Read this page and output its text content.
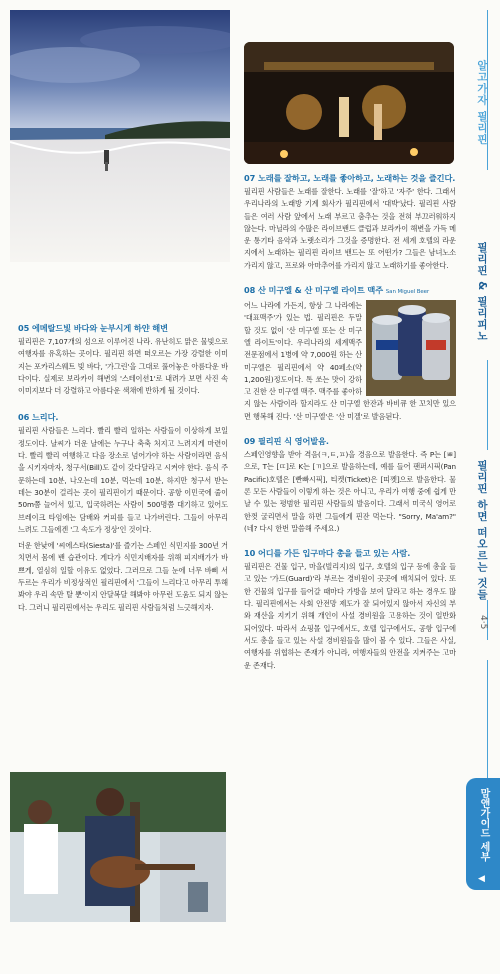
05 에메랄드빛 바다와 눈부시게 하얀 해변

필리핀은 7,107개의 섬으로 이루어진 나라. 유난히도 맑은 물빛으로 여행자를 유혹하는 곳이다. 필리핀 하면 떠오르는 가장 강렬한 이미지는 포카리스웨트 빛 바다, '가그린'을 그대로 풀어놓은 아름다운 바다이다. 실제로 보라카이 해변의 '스테이션1'로 내려가 보면 사진 속 이미지보다 더 강렬하고 아름다운 색채에 반하게 될 것이다.

06 느리다.

필리핀 사람들은 느리다. 빨리 빨리 일하는 사람들이 이상하게 보일 정도이다. 날씨가 더운 날에는 누구나 축축 처지고 느려지게 마련이다. 빨리 빨리 여행하고 다음 장소로 넘어가야 하는 사람이라면 음식을 시키자마자, 청구서(Bill)도 같이 갖다달라고 시켜야 한다. 음식 주문하는데 10분, 나오는데 10분, 먹는데 10분, 하지만 청구서 받는 데는 30분이 걸리는 곳이 필리핀이기 때문이다. 공항 이민국에 줄이 50m쯤 늘어서 있고, 입국하려는 사람이 500명쯤 대기하고 있어도 브레이크 타임에는 담배와 커피를 들고 나가버린다. 그들이 아무리 느려도 그들에겐 '그 속도가 정상'인 것이다.

더운 한낮에 '씨에스타(Siesta)'를 즐기는 스페인 식민지를 300년 거치면서 몸에 밴 습관이다. 게다가 식민지배자를 위해 피지배가가 바쁘게, 열심히 일할 이유도 없었다. 그러므로 그들 눈에 너무 바삐 서두르는 우리가 비정상적인 필리핀에서 '그들이 느리다고 아무리 투해봐야 우리 속만 탈 뿐'이지 안달복달 해봐야 아무런 도움도 되지 않는다. 그러니 필리핀에서는 우리도 필리핀 사람들처럼 느긋해지자.

07 노래를 잘하고, 노래를 좋아하고, 노래하는 것을 즐긴다.

필리핀 사람들은 노래를 잘한다. 노래를 '잘'하고 '자주' 한다. 그래서 우리나라의 노래방 기계 회사가 필리핀에서 '대박'났다. 필리핀 사람들은 여러 사람 앞에서 노래 부르고 춤추는 것을 전혀 부끄러워하지 않는다. 마닐라의 수많은 라이브밴드 클럽과 보라카이 해변을 가득 메운 통기타 음악과 노랫소리가 그것을 증명한다. 전 세계 호텔의 라운지에서 노래하는 필리핀 라이브 밴드는 또 어떤가? 그들은 남녀노소 가리지 않고, 프로와 아마추어를 가리지 않고 노래하기를 좋아한다.

08 산 미구엘 & 산 미구엘 라이트 맥주 San Miguel Beer

어느 나라에 가든지, 항상 그 나라에는 '대표맥주'가 있는 법. 필리핀은 두말 할 것도 없이 '산 미구엘 또는 산 미구엘 라이트'이다. 우리나라의 세계맥주 전문점에서 1병에 약 7,000원 하는 산 미구엘은 필리핀에서 약 40페소(약 1,200원)정도이다. 톡 쏘는 맛이 강하고 진한 산 미구엘 맥주. 맥주를 좋아하지 않는 사람이라 할지라도 산 미구엘 한잔과 바비큐 한 꼬치만 있으면 행복해 진다. '산 미구엘'은 '산 미겔'로 발음된다.

09 필리핀 식 영어발음.

스페인영향을 받아 격음(ㅋ,ㅌ,ㅍ)을 경음으로 발음한다. 즉 P는 [ㅃ]으로, T는 [ㄸ]로 K는 [ㄲ]으로 발음하는데, 예를 들어 팬퍼시픽(Pan Pacific)호텔은 [빤빠시픽], 티켓(Ticket)은 [띠껫]으로 발음한다. 물론 모든 사람들이 이렇게 하는 것은 아니고, 우리가 여행 중에 쉽게 만날 수 있는 평범한 필리핀 사람들의 발음이다. 그래서 미국식 영어로 한껏 굴리면서 말을 하면 그들에게 핀잔 먹는다. "Sorry, Ma'am?" (네? 다시 한번 말씀해 주세요.)

10 어디를 가든 입구마다 총을 들고 있는 사람.

필리핀은 건물 입구, 마을(빌리지)의 입구, 호텔의 입구 등에 총을 들고 있는 '가드(Guard)'라 부르는 경비원이 곳곳에 배치되어 있다. 또한 건물의 입구를 들어갈 때마다 가방을 보여 달라고 하는 경우도 많다. 필리핀에서는 사회 안전망 제도가 잘 되어있지 않아서 자신의 부와 재산을 지키기 위해 개인이 사설 경비원을 고용하는 것이 일반화 되어있다. 따라서 쇼핑몰 입구에서도, 호텔 입구에서도, 공항 입구에서도 총을 들고 있는 사설 경비원들을 많이 볼 수 있다. 그들은 사실, 여행자를 위협하는 존재가 아니라, 여행자들의 안전을 지켜주는 고마운 존재다.

알고가자 필리핀
필리핀 & 필리피노
필리핀 하면 떠오르는 것들
4·5
맘앤가이드 세부
◀
